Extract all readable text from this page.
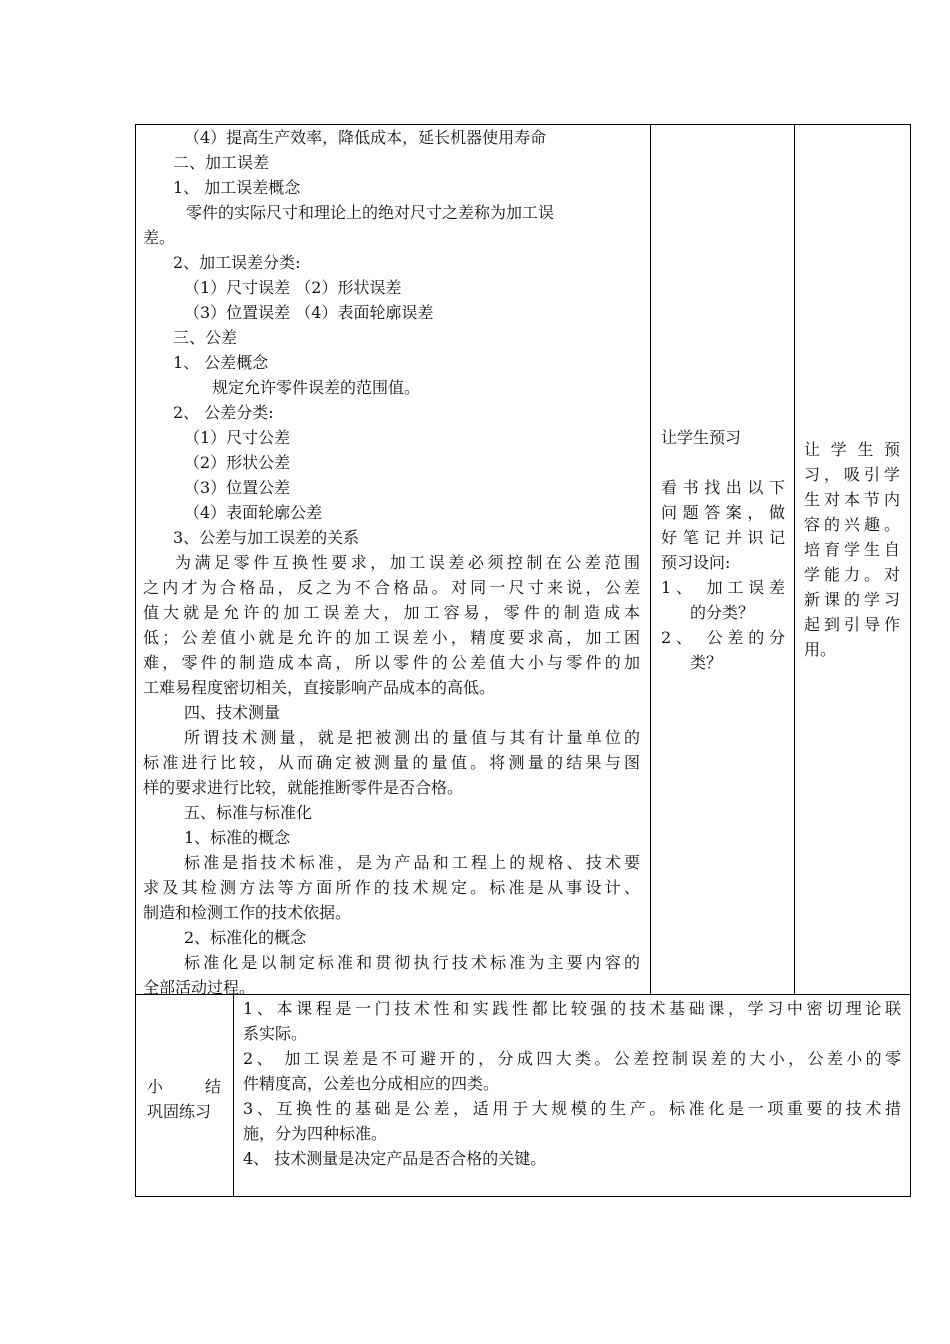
（4）提高生产效率，降低成本，延长机器使用寿命
二、加工误差
1、 加工误差概念
零件的实际尺寸和理论上的绝对尺寸之差称为加工误
差。
2、加工误差分类:
（1）尺寸误差 （2）形状误差
（3）位置误差 （4）表面轮廓误差
三、公差
1、 公差概念
规定允许零件误差的范围值。
2、 公差分类:
（1）尺寸公差
（2）形状公差
（3）位置公差
（4）表面轮廓公差
3、公差与加工误差的关系
为满足零件互换性要求，加工误差必须控制在公差范围
之内才为合格品，反之为不合格品。对同一尺寸来说，公差
值大就是允许的加工误差大，加工容易，零件的制造成本
低；公差值小就是允许的加工误差小，精度要求高，加工困
难，零件的制造成本高，所以零件的公差值大小与零件的加
工难易程度密切相关，直接影响产品成本的高低。
四、技术测量
所谓技术测量，就是把被测出的量值与其有计量单位的
标准进行比较，从而确定被测量的量值。将测量的结果与图
样的要求进行比较，就能推断零件是否合格。
五、标准与标准化
1、标准的概念
标准是指技术标准，是为产品和工程上的规格、技术要
求及其检测方法等方面所作的技术规定。标准是从事设计、
制造和检测工作的技术依据。
2、标准化的概念
标准化是以制定标准和贯彻执行技术标准为主要内容的
全部活动过程。
让学生预习
看书找出以下
问题答案，做
好笔记并识记
预习设问:
1、 加工误差
的分类？
2、 公差的分
类？
让学生预
习，吸引学
生对本节内
容的兴趣。
培育学生自
学能力。对
新课的学习
起到引导作
用。
小 结
巩固练习
1、本课程是一门技术性和实践性都比较强的技术基础课，学习中密切理论联
系实际。
2、 加工误差是不可避开的，分成四大类。公差控制误差的大小，公差小的零
件精度高，公差也分成相应的四类。
3、互换性的基础是公差，适用于大规模的生产。标准化是一项重要的技术措
施，分为四种标准。
4、 技术测量是决定产品是否合格的关键。
